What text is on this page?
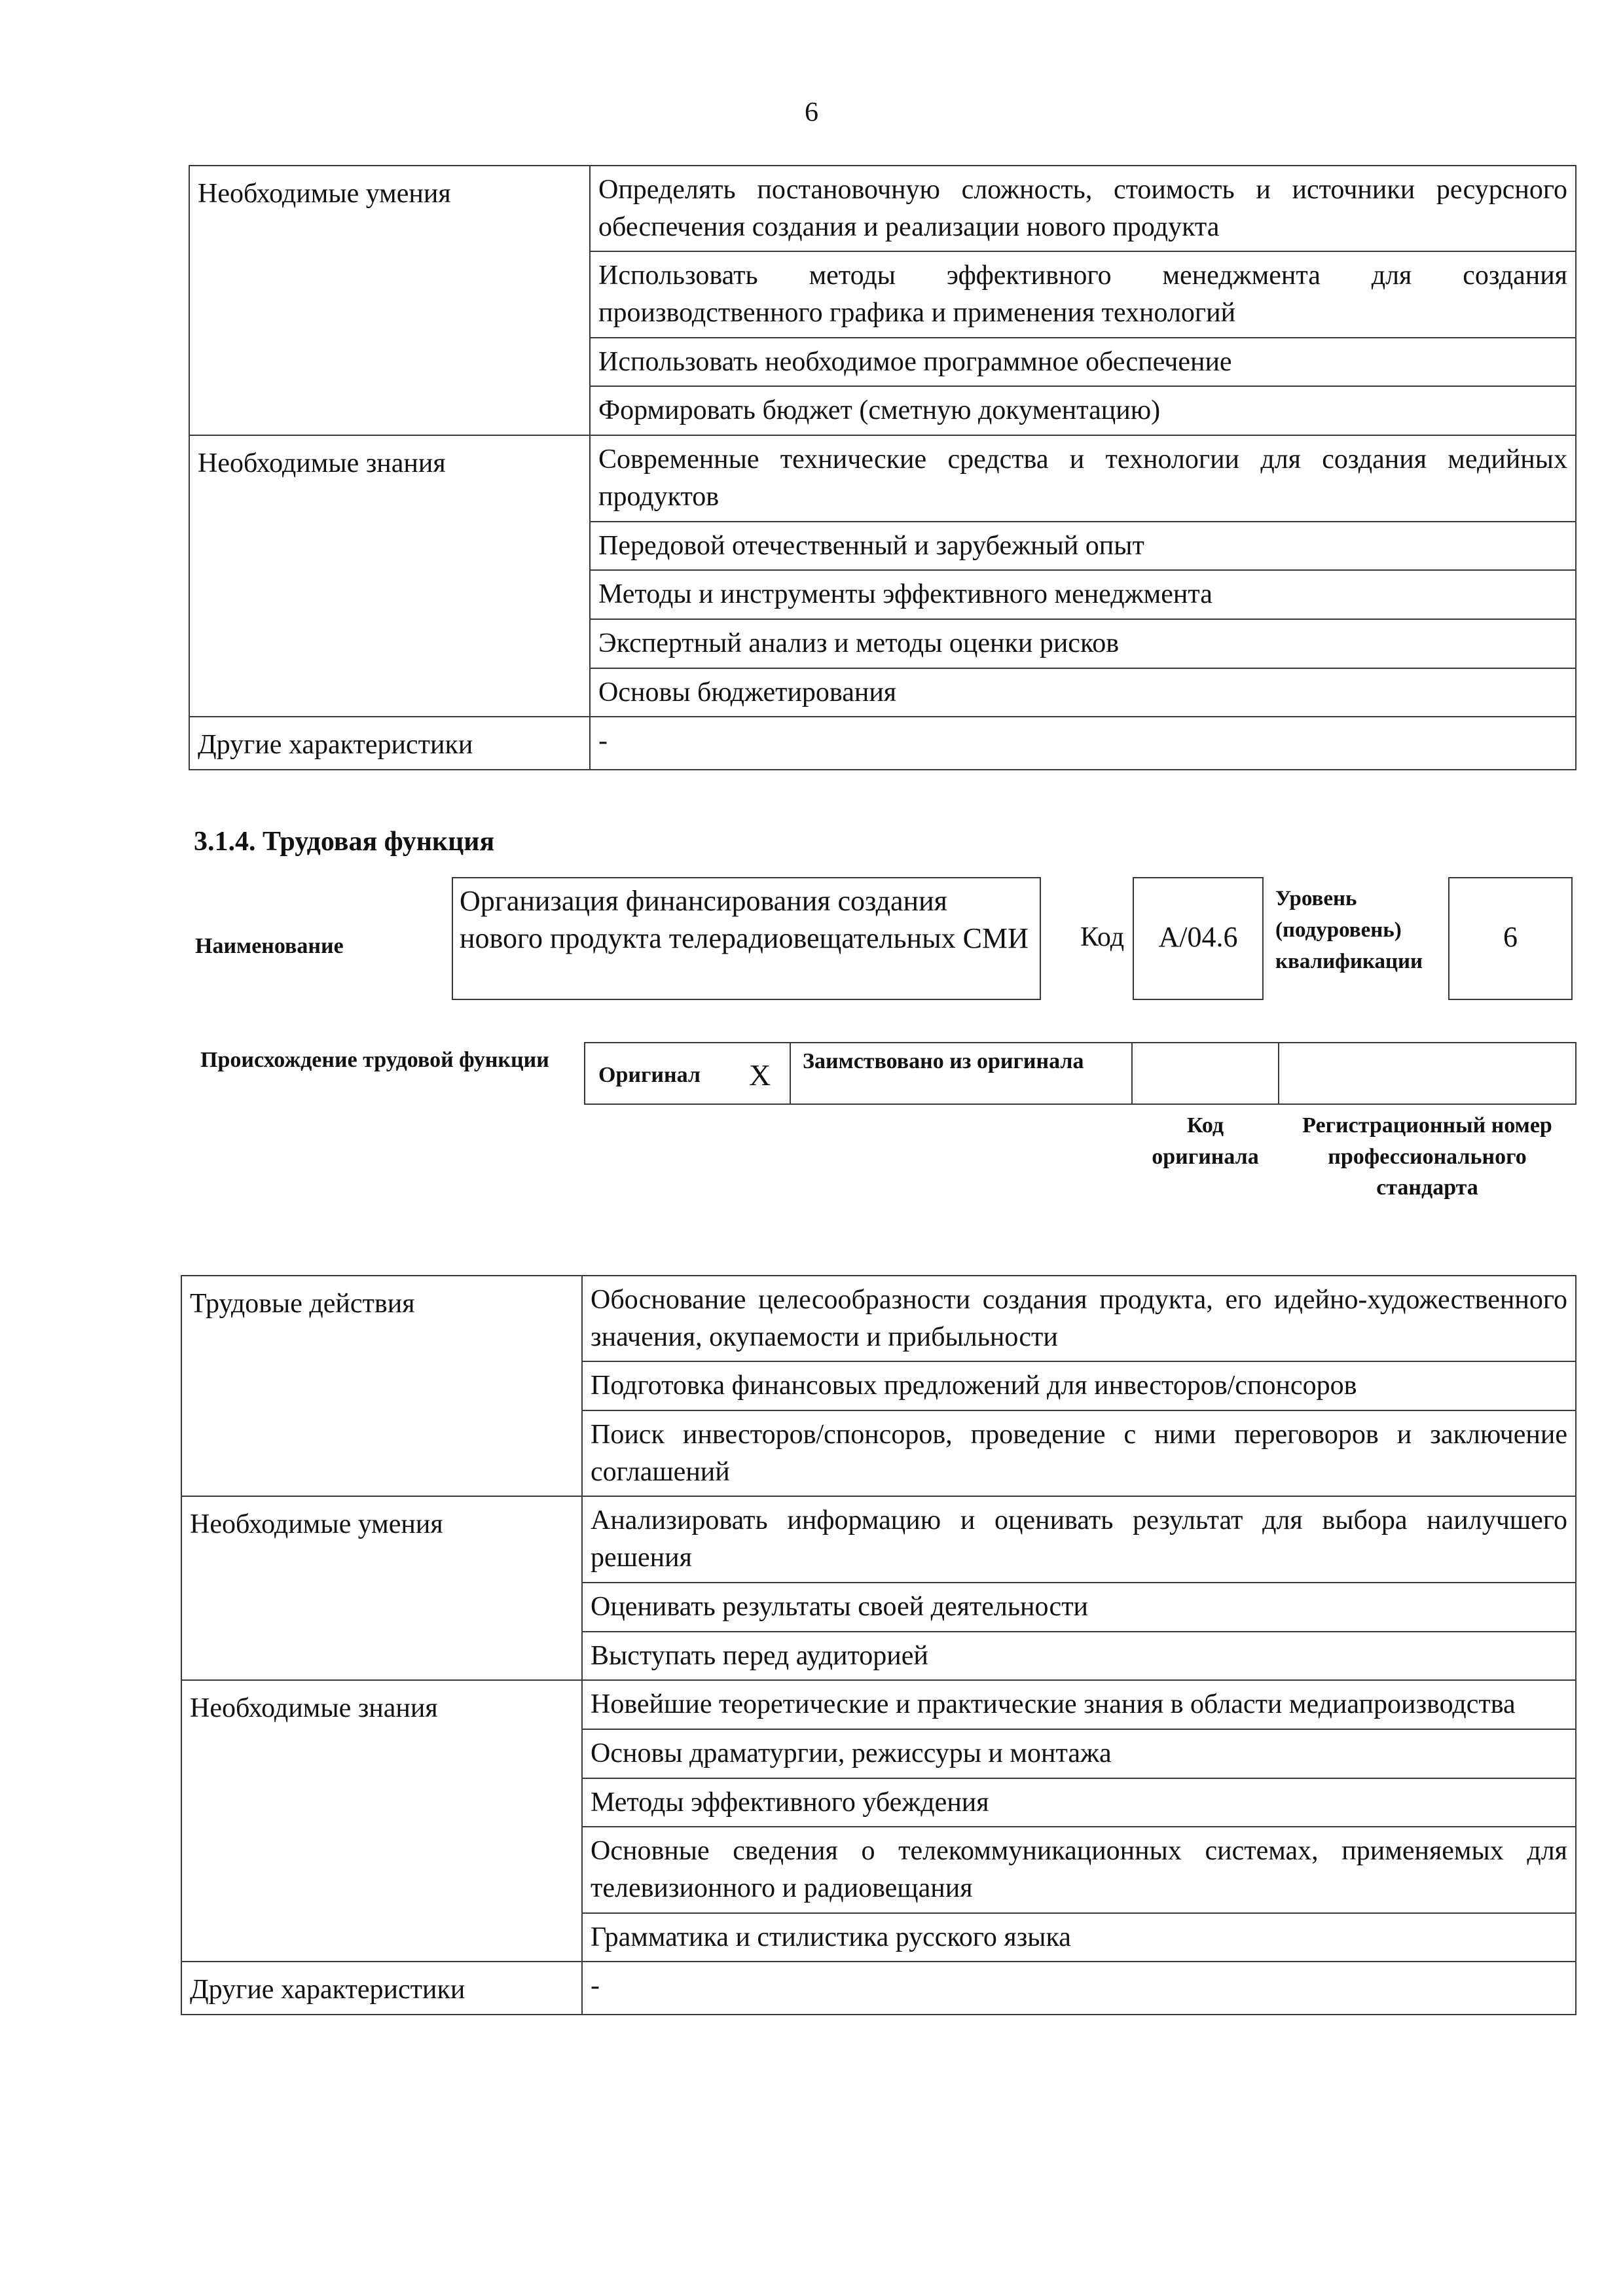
6
Необходимые умения	Определять постановочную сложность, стоимость и источники ресурсного обеспечения создания и реализации нового продукта
	Использовать методы эффективного менеджмента для создания производственного графика и применения технологий
	Использовать необходимое программное обеспечение
	Формировать бюджет (сметную документацию)
Необходимые знания	Современные технические средства и технологии для создания медийных продуктов
	Передовой отечественный и зарубежный опыт
	Методы и инструменты эффективного менеджмента
	Экспертный анализ и методы оценки рисков
	Основы бюджетирования
Другие характеристики	-
3.1.4. Трудовая функция
Наименование
Организация финансирования создания нового продукта телерадиовещательных СМИ Код	A/04.6
Уровень (подуровень) квалификации
6
Происхождение трудовой функции
Оригинал X Заимствовано из оригинала
Код оригинала
Регистрационный номер профессионального стандарта
Трудовые действия	Обоснование целесообразности создания продукта, его идейно-художественного значения, окупаемости и прибыльности
	Подготовка финансовых предложений для инвесторов/спонсоров
	Поиск инвесторов/спонсоров, проведение с ними переговоров и заключение соглашений
Необходимые умения	Анализировать информацию и оценивать результат для выбора наилучшего решения
	Оценивать результаты своей деятельности
	Выступать перед аудиторией
Необходимые знания	Новейшие теоретические и практические знания в области медиапроизводства
	Основы драматургии, режиссуры и монтажа
	Методы эффективного убеждения
	Основные сведения о телекоммуникационных системах, применяемых для телевизионного и радиовещания
	Грамматика и стилистика русского языка
Другие характеристики	-
